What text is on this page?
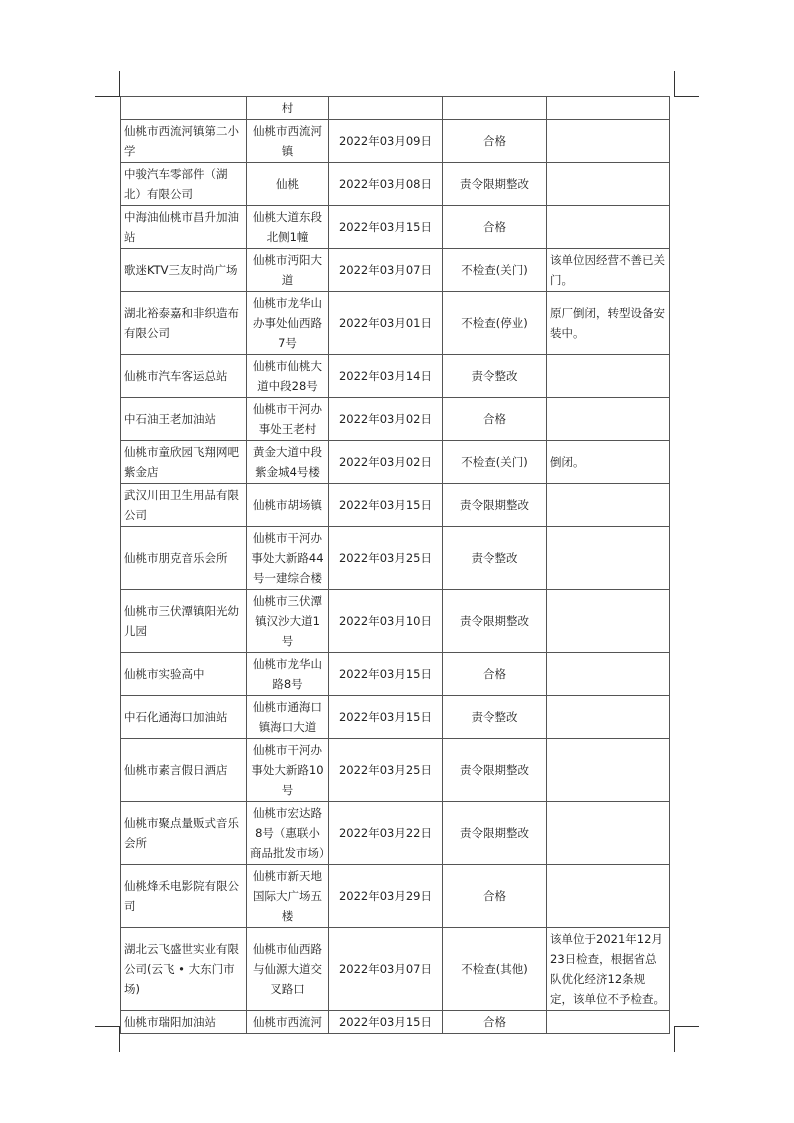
	村			
仙桃市西流河镇第二小学	仙桃市西流河镇	2022年03月09日	合格	
中骏汽车零部件（湖北）有限公司	仙桃	2022年03月08日	责令限期整改	
中海油仙桃市昌升加油站	仙桃大道东段北侧1幢	2022年03月15日	合格	
歌迷KTV三友时尚广场	仙桃市沔阳大道	2022年03月07日	不检查(关门)	该单位因经营不善已关门。
湖北裕泰嘉和非织造布有限公司	仙桃市龙华山办事处仙西路7号	2022年03月01日	不检查(停业)	原厂倒闭，转型设备安装中。
仙桃市汽车客运总站	仙桃市仙桃大道中段28号	2022年03月14日	责令整改	
中石油王老加油站	仙桃市干河办事处王老村	2022年03月02日	合格	
仙桃市童欣园飞翔网吧紫金店	黄金大道中段紫金城4号楼	2022年03月02日	不检查(关门)	倒闭。
武汉川田卫生用品有限公司	仙桃市胡场镇	2022年03月15日	责令限期整改	
仙桃市朋克音乐会所	仙桃市干河办事处大新路44号一建综合楼	2022年03月25日	责令整改	
仙桃市三伏潭镇阳光幼儿园	仙桃市三伏潭镇汉沙大道1号	2022年03月10日	责令限期整改	
仙桃市实验高中	仙桃市龙华山路8号	2022年03月15日	合格	
中石化通海口加油站	仙桃市通海口镇海口大道	2022年03月15日	责令整改	
仙桃市素言假日酒店	仙桃市干河办事处大新路10号	2022年03月25日	责令限期整改	
仙桃市聚点量贩式音乐会所	仙桃市宏达路8号（惠联小商品批发市场）	2022年03月22日	责令限期整改	
仙桃烽禾电影院有限公司	仙桃市新天地国际大广场五楼	2022年03月29日	合格	
湖北云飞盛世实业有限公司(云飞 • 大东门市场)	仙桃市仙西路与仙源大道交叉路口	2022年03月07日	不检查(其他)	该单位于2021年12月23日检查，根据省总队优化经济12条规定，该单位不予检查。
仙桃市瑞阳加油站	仙桃市西流河	2022年03月15日	合格	
